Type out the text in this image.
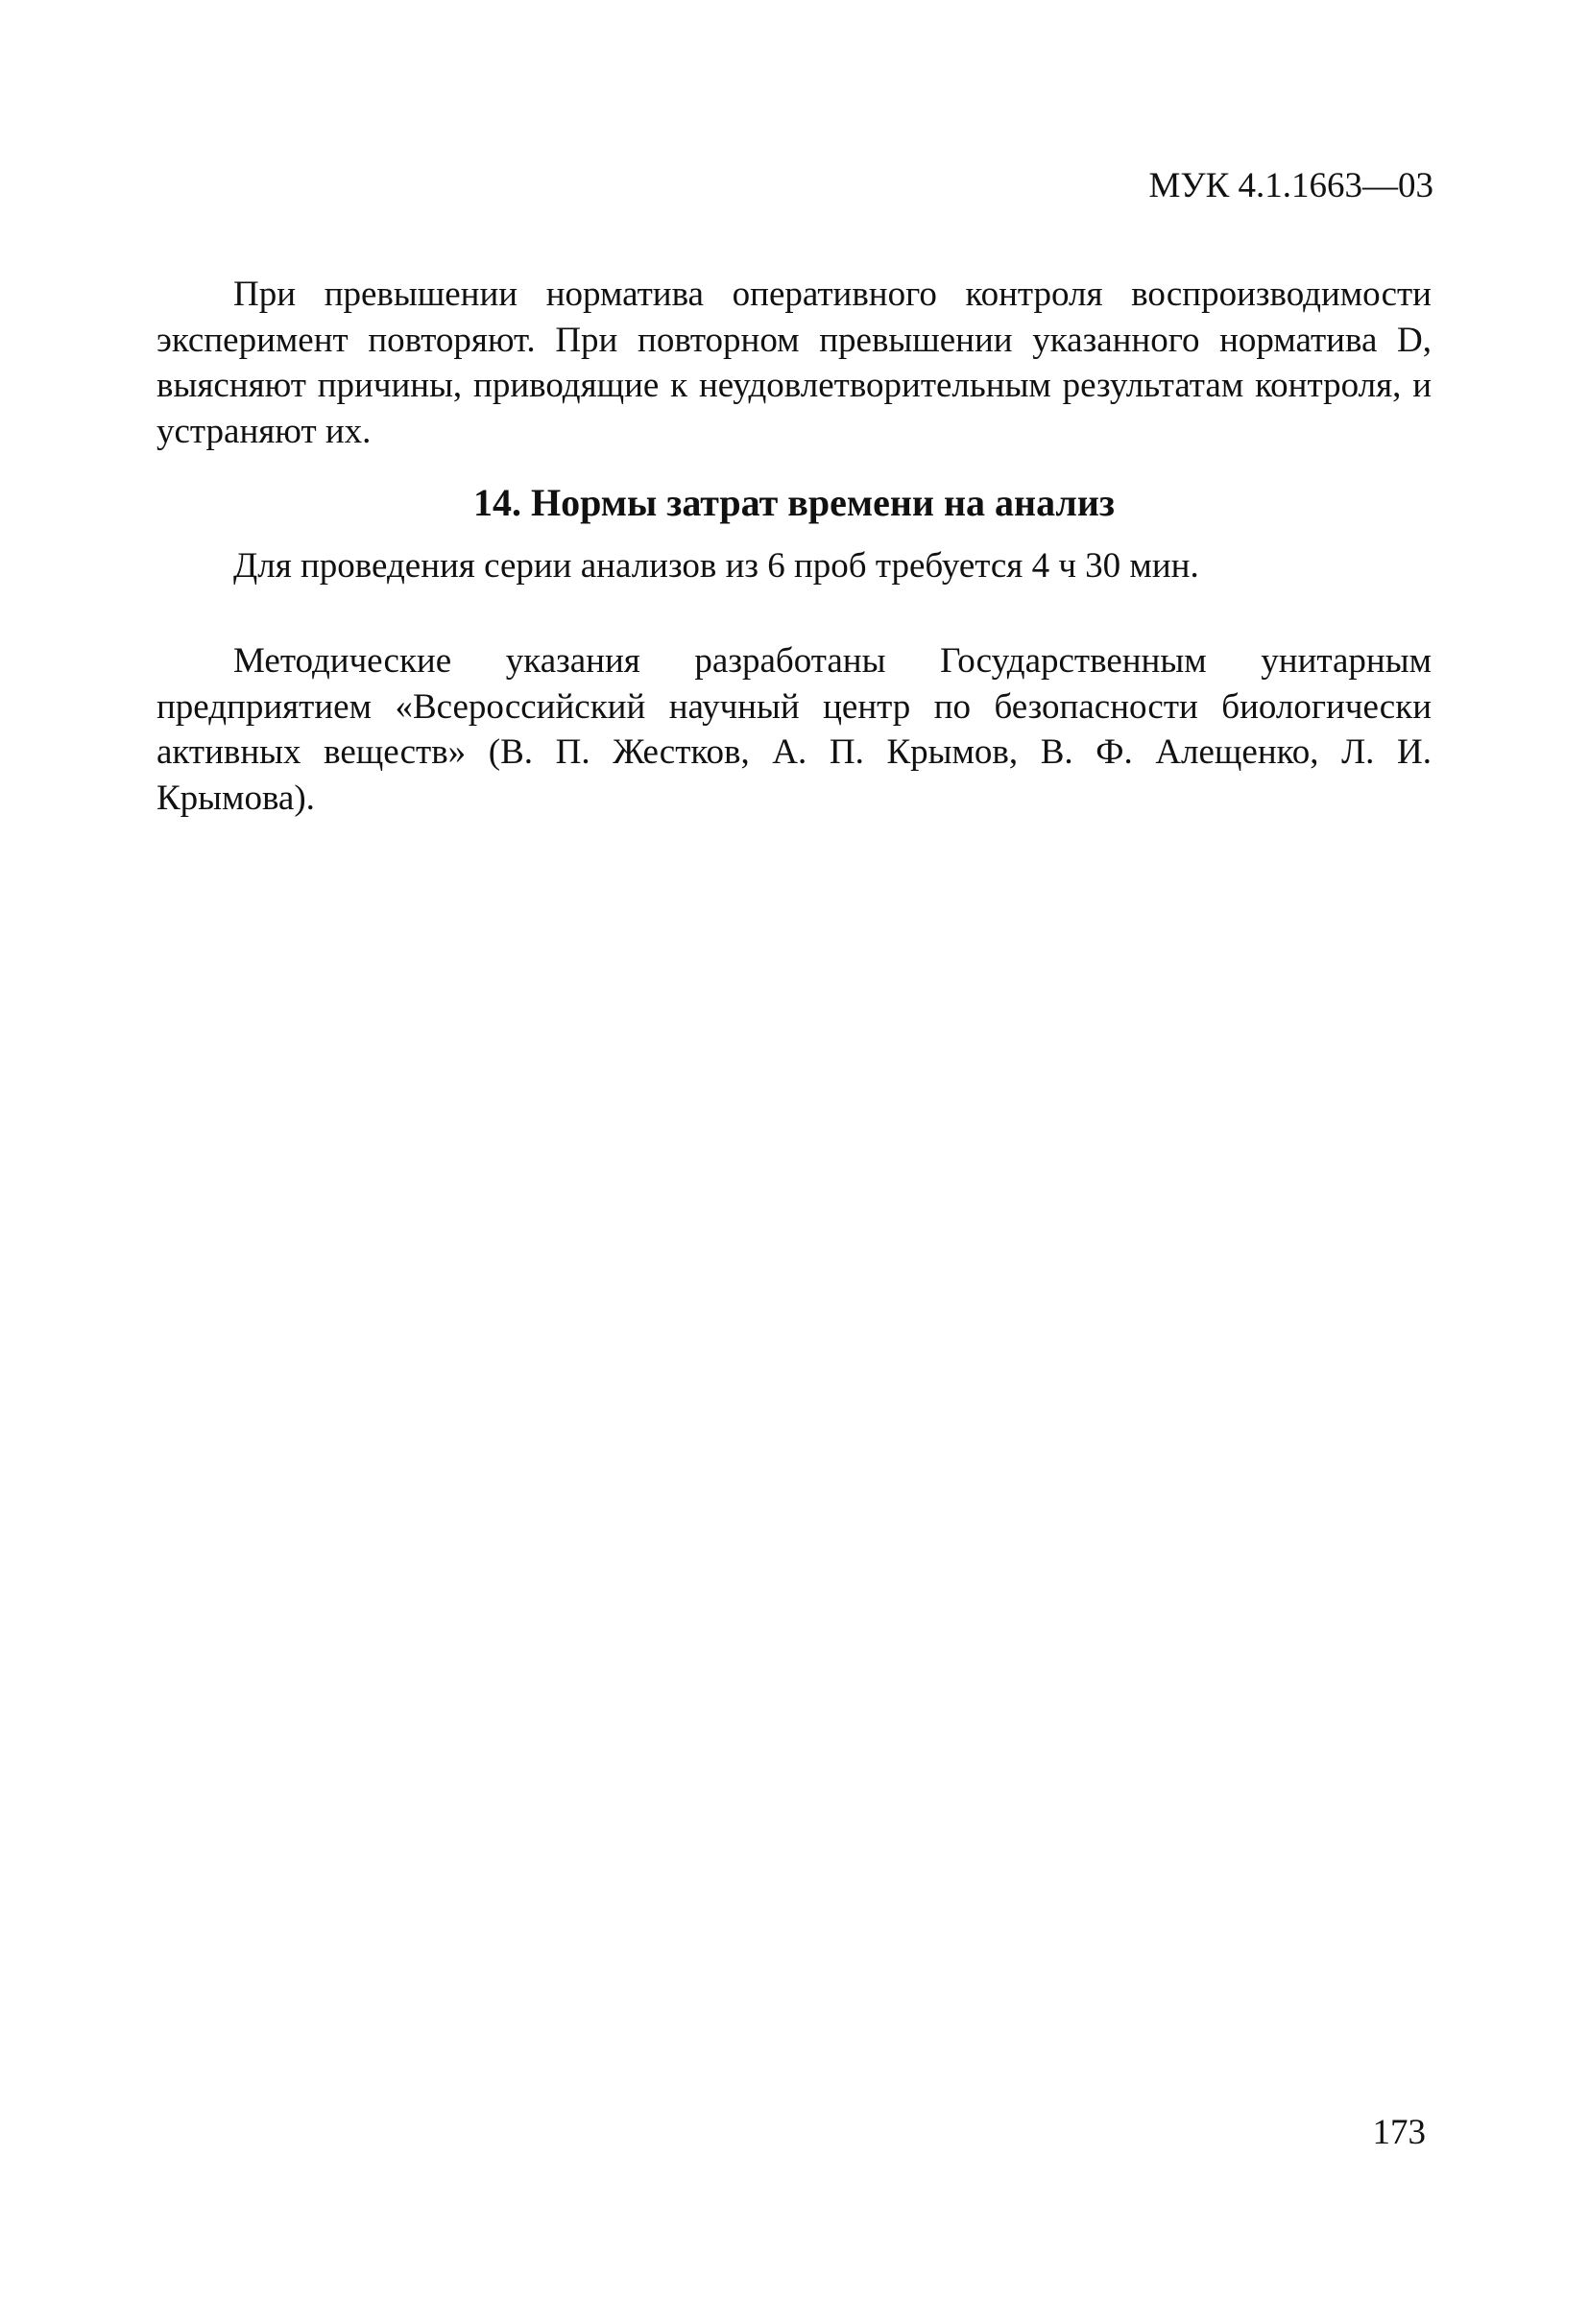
МУК 4.1.1663—03

При превышении норматива оперативного контроля воспроизводимости эксперимент повторяют. При повторном превышении указанного норматива D, выясняют причины, приводящие к неудовлетворительным результатам контроля, и устраняют их.

14. Нормы затрат времени на анализ

Для проведения серии анализов из 6 проб требуется 4 ч 30 мин.

Методические указания разработаны Государственным унитарным предприятием «Всероссийский научный центр по безопасности биологически активных веществ» (В. П. Жестков, А. П. Крымов, В. Ф. Алещенко, Л. И. Крымова).

173
